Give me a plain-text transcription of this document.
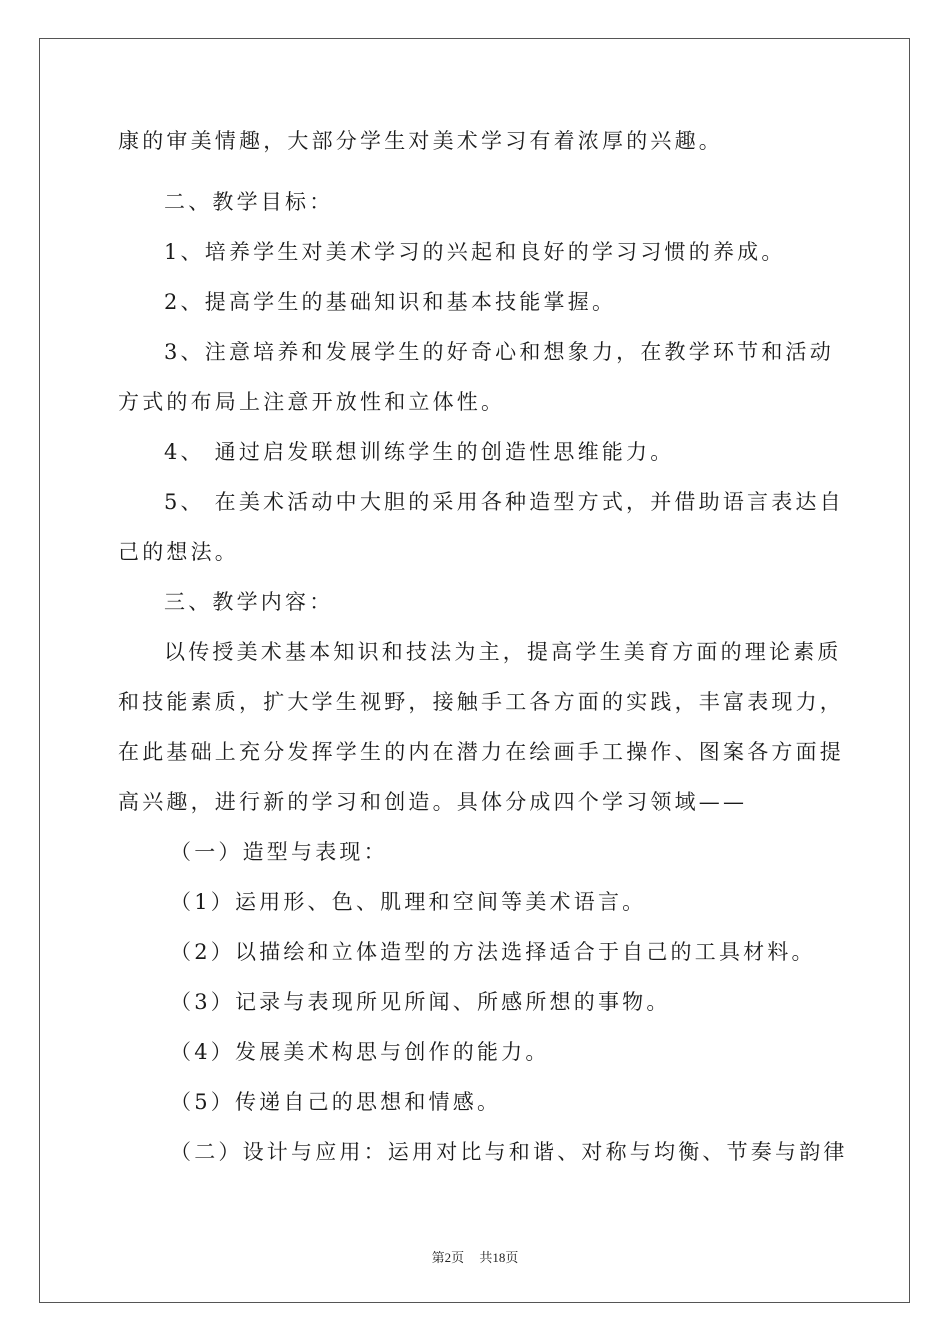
康的审美情趣，大部分学生对美术学习有着浓厚的兴趣。
二、教学目标：
1、培养学生对美术学习的兴起和良好的学习习惯的养成。
2、提高学生的基础知识和基本技能掌握。
3、注意培养和发展学生的好奇心和想象力，在教学环节和活动
方式的布局上注意开放性和立体性。
4、 通过启发联想训练学生的创造性思维能力。
5、 在美术活动中大胆的采用各种造型方式，并借助语言表达自
己的想法。
三、教学内容：
以传授美术基本知识和技法为主，提高学生美育方面的理论素质
和技能素质，扩大学生视野，接触手工各方面的实践，丰富表现力，
在此基础上充分发挥学生的内在潜力在绘画手工操作、图案各方面提
高兴趣，进行新的学习和创造。具体分成四个学习领域——
（一）造型与表现：
（1）运用形、色、肌理和空间等美术语言。
（2）以描绘和立体造型的方法选择适合于自己的工具材料。
（3）记录与表现所见所闻、所感所想的事物。
（4）发展美术构思与创作的能力。
（5）传递自己的思想和情感。
（二）设计与应用：运用对比与和谐、对称与均衡、节奏与韵律
第2页 共18页
